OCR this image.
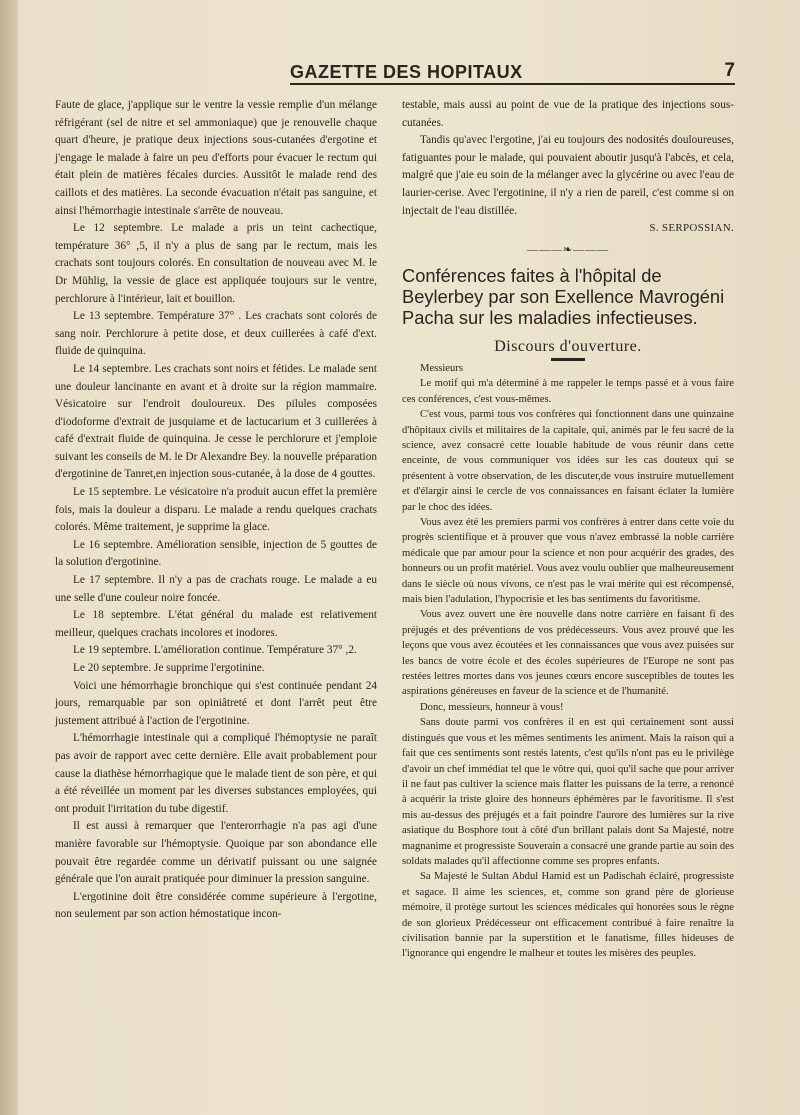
GAZETTE DES HOPITAUX	7

Faute de glace, j'applique sur le ventre la vessie remplie d'un mélange réfrigérant (sel de nitre et sel ammoniaque) que je renouvelle chaque quart d'heure, je pratique deux injections sous-cutanées d'ergotine et j'engage le malade à faire un peu d'efforts pour évacuer le rectum qui était plein de matières fécales durcies. Aussitôt le malade rend des caillots et des matières. La seconde évacuation n'était pas sanguine, et ainsi l'hémorrhagie intestinale s'arrête de nouveau.

Le 12 septembre. Le malade a pris un teint cachectique, température 36° ,5, il n'y a plus de sang par le rectum, mais les crachats sont toujours colorés. En consultation de nouveau avec M. le Dr Mühlig, la vessie de glace est appliquée toujours sur le ventre, perchlorure à l'intérieur, lait et bouillon.

Le 13 septembre. Température 37° . Les crachats sont colorés de sang noir. Perchlorure à petite dose, et deux cuillerées à café d'ext. fluide de quinquina.

Le 14 septembre. Les crachats sont noirs et fétides. Le malade sent une douleur lancinante en avant et à droite sur la région mammaire. Vésicatoire sur l'endroit douloureux. Des pilules composées d'iodoforme d'extrait de jusquiame et de lactucarium et 3 cuillerées à café d'extrait fluide de quinquina. Je cesse le perchlorure et j'emploie suivant les conseils de M. le Dr Alexandre Bey. la nouvelle préparation d'ergotinine de Tanret,en injection sous-cutanée, à la dose de 4 gouttes.

Le 15 septembre. Le vésicatoire n'a produit aucun effet la première fois, mais la douleur a disparu. Le malade a rendu quelques crachats colorés. Même traitement, je supprime la glace.

Le 16 septembre. Amélioration sensible, injection de 5 gouttes de la solution d'ergotinine.

Le 17 septembre. Il n'y a pas de crachats rouge. Le malade a eu une selle d'une couleur noire foncée.

Le 18 septembre. L'état général du malade est relativement meilleur, quelques crachats incolores et inodores.

Le 19 septembre. L'amélioration continue. Température 37° ,2.

Le 20 septembre. Je supprime l'ergotinine.

Voici une hémorrhagie bronchique qui s'est continuée pendant 24 jours, remarquable par son opiniâtreté et dont l'arrêt peut être justement attribué à l'action de l'ergotinine.

L'hémorrhagie intestinale qui a compliqué l'hémoptysie ne paraît pas avoir de rapport avec cette dernière. Elle avait probablement pour cause la diathèse hémorrhagique que le malade tient de son père, et qui a été réveillée un moment par les diverses substances employées, qui ont produit l'irritation du tube digestif.

Il est aussi à remarquer que l'enterorrhagie n'a pas agi d'une manière favorable sur l'hémoptysie. Quoique par son abondance elle pouvait être regardée comme un dérivatif puissant ou une saignée générale que l'on aurait pratiquée pour diminuer la pression sanguine.

L'ergotinine doit être considérée comme supérieure à l'ergotine, non seulement par son action hémostatique incon-

testable, mais aussi au point de vue de la pratique des injections sous-cutanées.

Tandis qu'avec l'ergotine, j'ai eu toujours des nodosités douloureuses, fatiguantes pour le malade, qui pouvaient aboutir jusqu'à l'abcès, et cela, malgré que j'aie eu soin de la mélanger avec la glycérine ou avec l'eau de laurier-cerise. Avec l'ergotinine, il n'y a rien de pareil, c'est comme si on injectait de l'eau distillée.

S. SERPOSSIAN.

———❧———
Conférences faites à l'hôpital de Beylerbey par son Exellence Mavrogéni Pacha sur les maladies infectieuses.
Discours d'ouverture.

Messieurs

Le motif qui m'a déterminé à me rappeler le temps passé et à vous faire ces conférences, c'est vous-mêmes.

C'est vous, parmi tous vos confrères qui fonctionnent dans une quinzaine d'hôpitaux civils et militaires de la capitale, qui, animés par le feu sacré de la science, avez consacré cette louable habitude de vous réunir dans cette enceinte, de vous communiquer vos idées sur les cas douteux qui se présentent à votre observation, de les discuter,de vous instruire mutuellement et d'élargir ainsi le cercle de vos connaissances en faisant éclater la lumière par le choc des idées.

Vous avez été les premiers parmi vos confrères à entrer dans cette voie du progrès scientifique et à prouver que vous n'avez embrassé la noble carrière médicale que par amour pour la science et non pour acquérir des grades, des honneurs ou un profit matériel. Vous avez voulu oublier que malheureusement dans le siècle où nous vivons, ce n'est pas le vrai mérite qui est récompensé, mais bien l'adulation, l'hypocrisie et les bas sentiments du favoritisme.

Vous avez ouvert une ère nouvelle dans notre carrière en faisant fi des préjugés et des préventions de vos prédécesseurs. Vous avez prouvé que les leçons que vous avez écoutées et les connaissances que vous avez puisées sur les bancs de votre école et des écoles supérieures de l'Europe ne sont pas restées lettres mortes dans vos jeunes cœurs encore susceptibles de toutes les aspirations généreuses en faveur de la science et de l'humanité.

Donc, messieurs, honneur à vous!

Sans doute parmi vos confrères il en est qui certainement sont aussi distingués que vous et les mêmes sentiments les animent. Mais la raison qui a fait que ces sentiments sont restés latents, c'est qu'ils n'ont pas eu le privilège d'avoir un chef immédiat tel que le vôtre qui, quoi qu'il sache que pour arriver il ne faut pas cultiver la science mais flatter les puissans de la terre, a renoncé à acquérir la triste gloire des honneurs éphémères par le favoritisme. Il s'est mis au-dessus des préjugés et a fait poindre l'aurore des lumières sur la rive asiatique du Bosphore tout à côté d'un brillant palais dont Sa Majesté, notre magnanime et progressiste Souverain a consacré une grande partie au soin des soldats malades qu'il affectionne comme ses propres enfants.

Sa Majesté le Sultan Abdul Hamid est un Padischah éclairé, progressiste et sagace. Il aime les sciences, et, comme son grand père de glorieuse mémoire, il protège surtout les sciences médicales qui honorées sous le règne de son glorieux Prédécesseur ont efficacement contribué à faire renaître la civilisation bannie par la superstition et le fanatisme, filles hideuses de l'ignorance qui engendre le malheur et toutes les misères des peuples.
